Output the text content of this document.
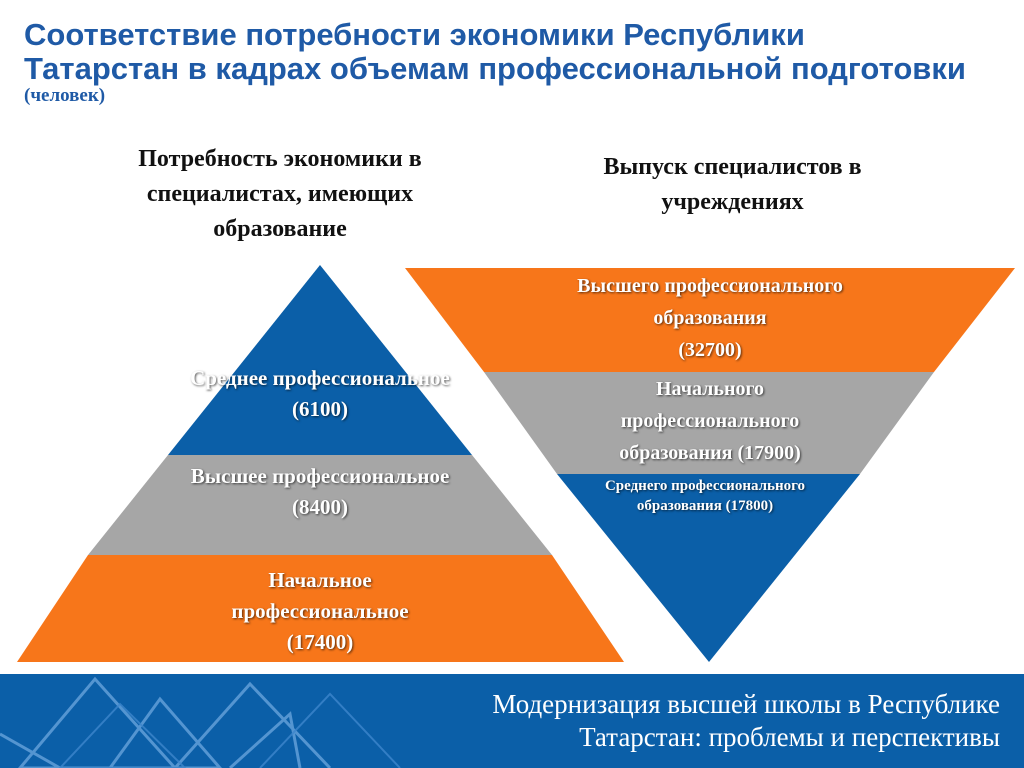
Соответствие потребности экономики Республики
Татарстан в кадрах объемам профессиональной подготовки
(человек)
Потребность экономики в специалистах, имеющих образование
Выпуск специалистов в учреждениях
Среднее профессиональное
(6100)
Высшее профессиональное
(8400)
Начальное профессиональное
(17400)
Высшего профессионального образования
(32700)
Начального профессионального образования (17900)
Среднего профессионального образования (17800)
Модернизация высшей школы в Республике
Татарстан: проблемы и перспективы
